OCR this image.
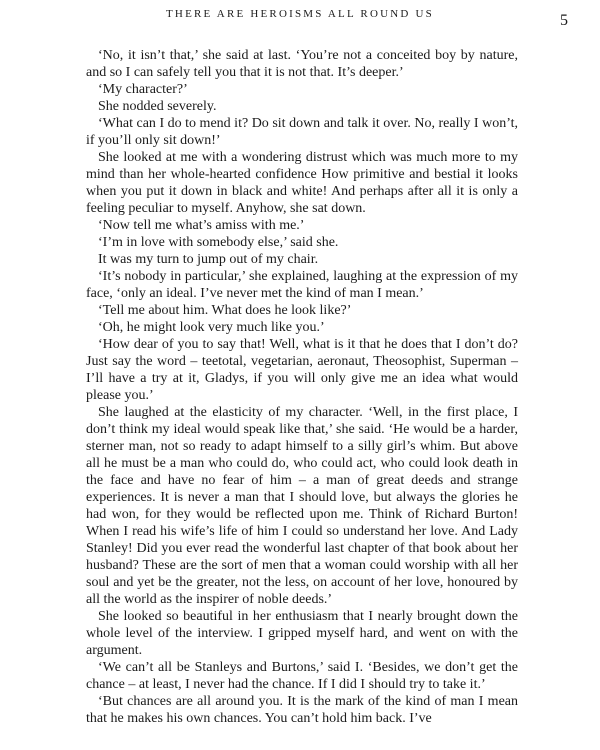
THERE ARE HEROISMS ALL ROUND US	5

‘No, it isn’t that,’ she said at last. ‘You’re not a conceited boy by nature, and so I can safely tell you that it is not that. It’s deeper.’

‘My character?’

She nodded severely.

‘What can I do to mend it? Do sit down and talk it over. No, really I won’t, if you’ll only sit down!’

She looked at me with a wondering distrust which was much more to my mind than her whole-hearted confidence How primitive and bestial it looks when you put it down in black and white! And perhaps after all it is only a feeling peculiar to myself. Anyhow, she sat down.

‘Now tell me what’s amiss with me.’

‘I’m in love with somebody else,’ said she.

It was my turn to jump out of my chair.

‘It’s nobody in particular,’ she explained, laughing at the expression of my face, ‘only an ideal. I’ve never met the kind of man I mean.’

‘Tell me about him. What does he look like?’

‘Oh, he might look very much like you.’

‘How dear of you to say that! Well, what is it that he does that I don’t do? Just say the word – teetotal, vegetarian, aeronaut, Theosophist, Superman – I’ll have a try at it, Gladys, if you will only give me an idea what would please you.’

She laughed at the elasticity of my character. ‘Well, in the first place, I don’t think my ideal would speak like that,’ she said. ‘He would be a harder, sterner man, not so ready to adapt himself to a silly girl’s whim. But above all he must be a man who could do, who could act, who could look death in the face and have no fear of him – a man of great deeds and strange experiences. It is never a man that I should love, but always the glories he had won, for they would be reflected upon me. Think of Richard Burton! When I read his wife’s life of him I could so understand her love. And Lady Stanley! Did you ever read the wonderful last chapter of that book about her husband? These are the sort of men that a woman could worship with all her soul and yet be the greater, not the less, on account of her love, honoured by all the world as the inspirer of noble deeds.’

She looked so beautiful in her enthusiasm that I nearly brought down the whole level of the interview. I gripped myself hard, and went on with the argument.

‘We can’t all be Stanleys and Burtons,’ said I. ‘Besides, we don’t get the chance – at least, I never had the chance. If I did I should try to take it.’

‘But chances are all around you. It is the mark of the kind of man I mean that he makes his own chances. You can’t hold him back. I’ve
